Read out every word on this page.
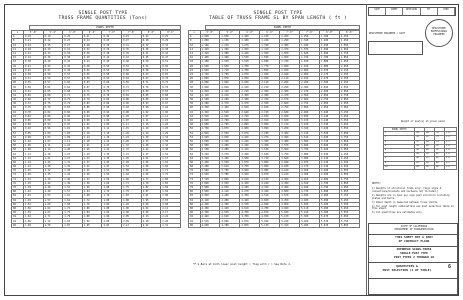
SINGLE POST TYPE
TRUSS FRAME QUANTITIES (Tons)
PANEL DEPTH
L	5'-0"	5'-6"	6'-0"	6'-6"	7'-0"	7'-6"	8'-0"	8'-6"
6	0.18	0.19	0.20	0.21	0.22	0.23	0.24	0.25
8	0.21	0.22	0.23	0.24	0.25	0.27	0.28	0.29
10	0.24	0.25	0.27	0.28	0.29	0.31	0.32	0.33
12	0.28	0.29	0.31	0.32	0.34	0.35	0.36	0.38
14	0.31	0.33	0.34	0.36	0.38	0.39	0.41	0.42
16	0.34	0.36	0.38	0.40	0.42	0.43	0.45	0.47
18	0.38	0.40	0.42	0.44	0.46	0.48	0.50	0.51
20	0.41	0.43	0.45	0.48	0.50	0.52	0.54	0.56
22	0.45	0.47	0.49	0.52	0.54	0.56	0.58	0.61
24	0.48	0.50	0.53	0.55	0.58	0.60	0.63	0.65
26	0.51	0.54	0.57	0.59	0.62	0.64	0.67	0.70
28	0.55	0.57	0.60	0.63	0.66	0.69	0.71	0.74
30	0.58	0.61	0.64	0.67	0.70	0.73	0.76	0.79
32	0.61	0.65	0.68	0.71	0.74	0.77	0.80	0.83
34	0.65	0.68	0.71	0.75	0.78	0.81	0.85	0.88
36	0.68	0.72	0.75	0.79	0.82	0.86	0.89	0.92
38	0.72	0.75	0.79	0.83	0.86	0.90	0.93	0.97
40	0.75	0.79	0.83	0.86	0.90	0.94	0.98	1.02
42	0.78	0.82	0.86	0.90	0.94	0.98	1.02	1.06
44	0.82	0.86	0.90	0.94	0.98	1.03	1.07	1.11
46	0.85	0.89	0.94	0.98	1.02	1.07	1.11	1.15
48	0.88	0.93	0.97	1.02	1.06	1.11	1.16	1.20
50	0.92	0.96	1.01	1.06	1.11	1.15	1.20	1.25
52	0.95	1.00	1.05	1.10	1.15	1.20	1.24	1.29
54	0.98	1.03	1.09	1.14	1.19	1.24	1.29	1.34
56	1.02	1.07	1.12	1.18	1.23	1.28	1.33	1.39
58	1.05	1.11	1.16	1.21	1.27	1.32	1.38	1.43
60	1.09	1.14	1.20	1.25	1.31	1.37	1.42	1.48
62	1.12	1.18	1.23	1.29	1.35	1.41	1.47	1.52
64	1.15	1.21	1.27	1.33	1.39	1.45	1.51	1.57
66	1.19	1.25	1.31	1.37	1.43	1.49	1.56	1.62
68	1.22	1.28	1.35	1.41	1.47	1.54	1.60	1.66
70	1.25	1.32	1.38	1.45	1.51	1.58	1.64	1.71
72	1.29	1.35	1.42	1.49	1.55	1.62	1.69	1.75
74	1.32	1.39	1.46	1.53	1.59	1.66	1.73	1.80
76	1.35	1.42	1.49	1.56	1.64	1.71	1.78	1.85
78	1.39	1.46	1.53	1.60	1.68	1.75	1.82	1.89
80	1.42	1.49	1.57	1.64	1.72	1.79	1.87	1.94
82	1.45	1.53	1.61	1.68	1.76	1.83	1.91	1.99
84	1.49	1.57	1.64	1.72	1.80	1.88	1.95	2.03
86	1.52	1.60	1.68	1.76	1.84	1.92	2.00	2.08
88	1.56	1.64	1.72	1.80	1.88	1.96	2.04	2.12
90	1.59	1.67	1.75	1.84	1.92	2.00	2.09	2.17
92	1.62	1.71	1.79	1.88	1.96	2.05	2.13	2.22
94	1.66	1.74	1.83	1.92	2.00	2.09	2.18	2.26
96	1.69	1.78	1.87	1.95	2.04	2.13	2.22	2.31
SINGLE POST TYPE
TABLE OF TRUSS FRAME SL BY SPAN LENGTH ( ft )
PANEL DEPTH
L	5'-0"	5'-6"	6'-0"	6'-6"	7'-0"	7'-6"	8'-0"	8'-6"
6	1.000	1.050	1.100	1.150	1.200	1.250	1.300	1.350
8	1.080	1.130	1.180	1.240	1.290	1.340	1.400	1.450
10	1.160	1.210	1.270	1.320	1.380	1.440	1.490	1.550
12	1.240	1.300	1.350	1.410	1.470	1.530	1.590	1.650
14	1.320	1.380	1.440	1.500	1.560	1.620	1.690	1.750
16	1.400	1.460	1.530	1.590	1.650	1.720	1.780	1.850
18	1.480	1.540	1.610	1.680	1.740	1.810	1.880	1.950
20	1.560	1.630	1.700	1.770	1.840	1.910	1.980	2.050
22	1.640	1.710	1.780	1.850	1.930	2.000	2.070	2.150
24	1.720	1.790	1.870	1.940	2.020	2.090	2.170	2.250
26	1.800	1.870	1.950	2.030	2.110	2.190	2.270	2.350
28	1.880	1.960	2.040	2.120	2.200	2.280	2.360	2.450
30	1.960	2.040	2.120	2.210	2.290	2.380	2.460	2.550
32	2.040	2.120	2.210	2.300	2.380	2.470	2.560	2.650
34	2.120	2.210	2.300	2.380	2.470	2.560	2.650	2.750
36	2.200	2.290	2.380	2.470	2.570	2.660	2.750	2.850
38	2.280	2.370	2.470	2.560	2.660	2.750	2.850	2.950
40	2.360	2.450	2.550	2.650	2.750	2.850	2.950	3.050
42	2.440	2.540	2.640	2.740	2.840	2.940	3.040	3.150
44	2.520	2.620	2.720	2.830	2.930	3.030	3.140	3.250
46	2.600	2.700	2.810	2.910	3.020	3.130	3.240	3.350
48	2.680	2.790	2.890	3.000	3.110	3.220	3.330	3.450
50	2.760	2.870	2.980	3.090	3.200	3.320	3.430	3.550
52	2.840	2.950	3.070	3.180	3.300	3.410	3.530	3.650
54	2.920	3.030	3.150	3.270	3.390	3.510	3.630	3.750
56	3.000	3.120	3.240	3.360	3.480	3.600	3.720	3.850
58	3.080	3.200	3.320	3.450	3.570	3.690	3.820	3.950
60	3.160	3.280	3.410	3.530	3.660	3.790	3.920	4.050
62	3.240	3.370	3.490	3.620	3.750	3.880	4.010	4.150
64	3.320	3.450	3.580	3.710	3.840	3.980	4.110	4.250
66	3.400	3.530	3.670	3.800	3.940	4.070	4.210	4.350
68	3.480	3.610	3.750	3.890	4.030	4.170	4.310	4.450
70	3.560	3.700	3.840	3.980	4.120	4.260	4.400	4.550
72	3.640	3.780	3.920	4.070	4.210	4.360	4.500	4.650
74	3.720	3.860	4.010	4.150	4.300	4.450	4.600	4.750
76	3.800	3.950	4.100	4.240	4.390	4.540	4.700	4.850
78	3.880	4.030	4.180	4.330	4.490	4.640	4.790	4.950
80	3.960	4.110	4.270	4.420	4.580	4.730	4.890	5.050
82	4.040	4.200	4.350	4.510	4.670	4.830	4.990	5.150
84	4.120	4.280	4.440	4.600	4.760	4.920	5.090	5.250
86	4.200	4.360	4.530	4.690	4.850	5.020	5.180	5.350
88	4.280	4.440	4.610	4.780	4.940	5.110	5.280	5.450
90	4.360	4.530	4.700	4.870	5.040	5.210	5.380	5.550
92	4.440	4.610	4.780	4.950	5.130	5.300	5.470	5.650
94	4.520	4.690	4.870	5.040	5.220	5.400	5.570	5.750
96	4.600	4.780	4.950	5.130	5.310	5.490	5.670	5.850
*F.S.Bars at both lower post height ( flag with c ) See Note 4.
DATE	SHEET	REVISION	BY	CHKD
REGISTERED PROFESSIONAL ENGINEER
REGISTERED ENGINEER / DATE
Weight of post(s) at given panel
PANEL DEPTH				
2	28	40	70	1.8
3	30	42	72	2.0
4	32	44	74	2.2
5	34	46	76	2.4
6	36	48	78	2.6
7	38	50	80	2.8
8	40	52	82	3.0
9	42	54	84	3.2
10	44	56	86	3.4
NOTES:
1) Weights of structural frame only. (Sign signs & connections/brackets and hardware not included.)
2) Weights are in tons per sign post structure including plates and bolts.
3) Panel depth is measured between truss chords.
4) For post length combinations see post selection table on this sheet.
5) All quantities are estimates only.
STATE OF CALIFORNIA
DEPARTMENT OF TRANSPORTATION
THIS SHEET NOT A PART
OF CONTRACT PLANS
OVERHEAD SIGNS-TRUSS
SINGLE POST TYPE
POST TYPES 2 THROUGH 10
QUANTITIES &
POST SELECTION (1 OF TABLE)	6
